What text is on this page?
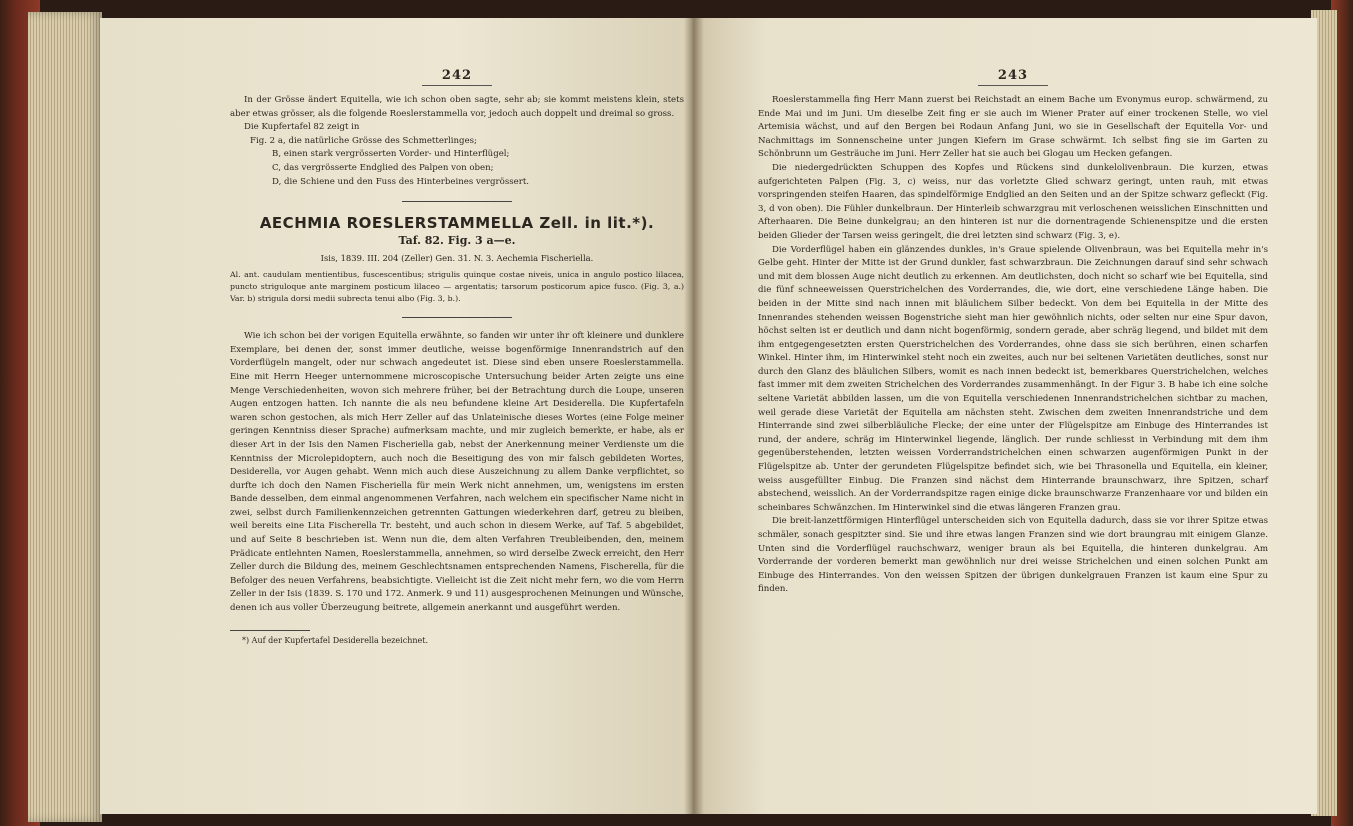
242

In der Grösse ändert Equitella, wie ich schon oben sagte, sehr ab; sie kommt meistens klein, stets aber etwas grösser, als die folgende Roeslerstammella vor, jedoch auch doppelt und dreimal so gross.

Die Kupfertafel 82 zeigt in

Fig. 2 a, die natürliche Grösse des Schmetterlinges;
B, einen stark vergrösserten Vorder- und Hinterflügel;
C, das vergrösserte Endglied des Palpen von oben;
D, die Schiene und den Fuss des Hinterbeines vergrössert.
AECHMIA ROESLERSTAMMELLA Zell. in lit.*).
Taf. 82. Fig. 3 a—e.
Isis, 1839. III. 204 (Zeller) Gen. 31. N. 3. Aechemia Fischeriella.

Al. ant. caudulam mentientibus, fuscescentibus; strigulis quinque costae niveis, unica in angulo postico lilacea, puncto striguloque ante marginem posticum lilaceo — argentatis; tarsorum posticorum apice fusco. (Fig. 3, a.) Var. b) strigula dorsi medii subrecta tenui albo (Fig. 3, b.).

Wie ich schon bei der vorigen Equitella erwähnte, so fanden wir unter ihr oft kleinere und dunklere Exemplare, bei denen der, sonst immer deutliche, weisse bogenförmige Innenrandstrich auf den Vorderflügeln mangelt, oder nur schwach angedeutet ist. Diese sind eben unsere Roeslerstammella. Eine mit Herrn Heeger unternommene microscopische Untersuchung beider Arten zeigte uns eine Menge Verschiedenheiten, wovon sich mehrere früher, bei der Betrachtung durch die Loupe, unseren Augen entzogen hatten. Ich nannte die als neu befundene kleine Art Desiderella. Die Kupfertafeln waren schon gestochen, als mich Herr Zeller auf das Unlateinische dieses Wortes (eine Folge meiner geringen Kenntniss dieser Sprache) aufmerksam machte, und mir zugleich bemerkte, er habe, als er dieser Art in der Isis den Namen Fischeriella gab, nebst der Anerkennung meiner Verdienste um die Kenntniss der Microlepidoptern, auch noch die Beseitigung des von mir falsch gebildeten Wortes, Desiderella, vor Augen gehabt. Wenn mich auch diese Auszeichnung zu allem Danke verpflichtet, so durfte ich doch den Namen Fischeriella für mein Werk nicht annehmen, um, wenigstens im ersten Bande desselben, dem einmal angenommenen Verfahren, nach welchem ein specifischer Name nicht in zwei, selbst durch Familienkennzeichen getrennten Gattungen wiederkehren darf, getreu zu bleiben, weil bereits eine Lita Fischerella Tr. besteht, und auch schon in diesem Werke, auf Taf. 5 abgebildet, und auf Seite 8 beschrieben ist. Wenn nun die, dem alten Verfahren Treubleibenden, den, meinem Prädicate entlehnten Namen, Roeslerstammella, annehmen, so wird derselbe Zweck erreicht, den Herr Zeller durch die Bildung des, meinem Geschlechtsnamen entsprechenden Namens, Fischerella, für die Befolger des neuen Verfahrens, beabsichtigte. Vielleicht ist die Zeit nicht mehr fern, wo die vom Herrn Zeller in der Isis (1839. S. 170 und 172. Anmerk. 9 und 11) ausgesprochenen Meinungen und Wünsche, denen ich aus voller Überzeugung beitrete, allgemein anerkannt und ausgeführt werden.

*) Auf der Kupfertafel Desiderella bezeichnet.
243

Roeslerstammella fing Herr Mann zuerst bei Reichstadt an einem Bache um Evonymus europ. schwärmend, zu Ende Mai und im Juni. Um dieselbe Zeit fing er sie auch im Wiener Prater auf einer trockenen Stelle, wo viel Artemisia wächst, und auf den Bergen bei Rodaun Anfang Juni, wo sie in Gesellschaft der Equitella Vor- und Nachmittags im Sonnenscheine unter jungen Kiefern im Grase schwärmt. Ich selbst fing sie im Garten zu Schönbrunn um Gesträuche im Juni. Herr Zeller hat sie auch bei Glogau um Hecken gefangen.

Die niedergedrückten Schuppen des Kopfes und Rückens sind dunkelolivenbraun. Die kurzen, etwas aufgerichteten Palpen (Fig. 3, c) weiss, nur das vorletzte Glied schwarz geringt, unten rauh, mit etwas vorspringenden steifen Haaren, das spindelförmige Endglied an den Seiten und an der Spitze schwarz gefleckt (Fig. 3, d von oben). Die Fühler dunkelbraun. Der Hinterleib schwarzgrau mit verloschenen weisslichen Einschnitten und Afterhaaren. Die Beine dunkelgrau; an den hinteren ist nur die dornentragende Schienenspitze und die ersten beiden Glieder der Tarsen weiss geringelt, die drei letzten sind schwarz (Fig. 3, e).

Die Vorderflügel haben ein glänzendes dunkles, in's Graue spielende Olivenbraun, was bei Equitella mehr in's Gelbe geht. Hinter der Mitte ist der Grund dunkler, fast schwarzbraun. Die Zeichnungen darauf sind sehr schwach und mit dem blossen Auge nicht deutlich zu erkennen. Am deutlichsten, doch nicht so scharf wie bei Equitella, sind die fünf schneeweissen Querstrichelchen des Vorderrandes, die, wie dort, eine verschiedene Länge haben. Die beiden in der Mitte sind nach innen mit bläulichem Silber bedeckt. Von dem bei Equitella in der Mitte des Innenrandes stehenden weissen Bogenstriche sieht man hier gewöhnlich nichts, oder selten nur eine Spur davon, höchst selten ist er deutlich und dann nicht bogenförmig, sondern gerade, aber schräg liegend, und bildet mit dem ihm entgegengesetzten ersten Querstrichelchen des Vorderrandes, ohne dass sie sich berühren, einen scharfen Winkel. Hinter ihm, im Hinterwinkel steht noch ein zweites, auch nur bei seltenen Varietäten deutliches, sonst nur durch den Glanz des bläulichen Silbers, womit es nach innen bedeckt ist, bemerkbares Querstrichelchen, welches fast immer mit dem zweiten Strichelchen des Vorderrandes zusammenhängt. In der Figur 3. B habe ich eine solche seltene Varietät abbilden lassen, um die von Equitella verschiedenen Innenrandstrichelchen sichtbar zu machen, weil gerade diese Varietät der Equitella am nächsten steht. Zwischen dem zweiten Innenrandstriche und dem Hinterrande sind zwei silberbläuliche Flecke; der eine unter der Flügelspitze am Einbuge des Hinterrandes ist rund, der andere, schräg im Hinterwinkel liegende, länglich. Der runde schliesst in Verbindung mit dem ihm gegenüberstehenden, letzten weissen Vorderrandstrichelchen einen schwarzen augenförmigen Punkt in der Flügelspitze ab. Unter der gerundeten Flügelspitze befindet sich, wie bei Thrasonella und Equitella, ein kleiner, weiss ausgefüllter Einbug. Die Franzen sind nächst dem Hinterrande braunschwarz, ihre Spitzen, scharf abstechend, weisslich. An der Vorderrandspitze ragen einige dicke braunschwarze Franzenhaare vor und bilden ein scheinbares Schwänzchen. Im Hinterwinkel sind die etwas längeren Franzen grau.

Die breit-lanzettförmigen Hinterflügel unterscheiden sich von Equitella dadurch, dass sie vor ihrer Spitze etwas schmäler, sonach gespitzter sind. Sie und ihre etwas langen Franzen sind wie dort braungrau mit einigem Glanze. Unten sind die Vorderflügel rauchschwarz, weniger braun als bei Equitella, die hinteren dunkelgrau. Am Vorderrande der vorderen bemerkt man gewöhnlich nur drei weisse Strichelchen und einen solchen Punkt am Einbuge des Hinterrandes. Von den weissen Spitzen der übrigen dunkelgrauen Franzen ist kaum eine Spur zu finden.
